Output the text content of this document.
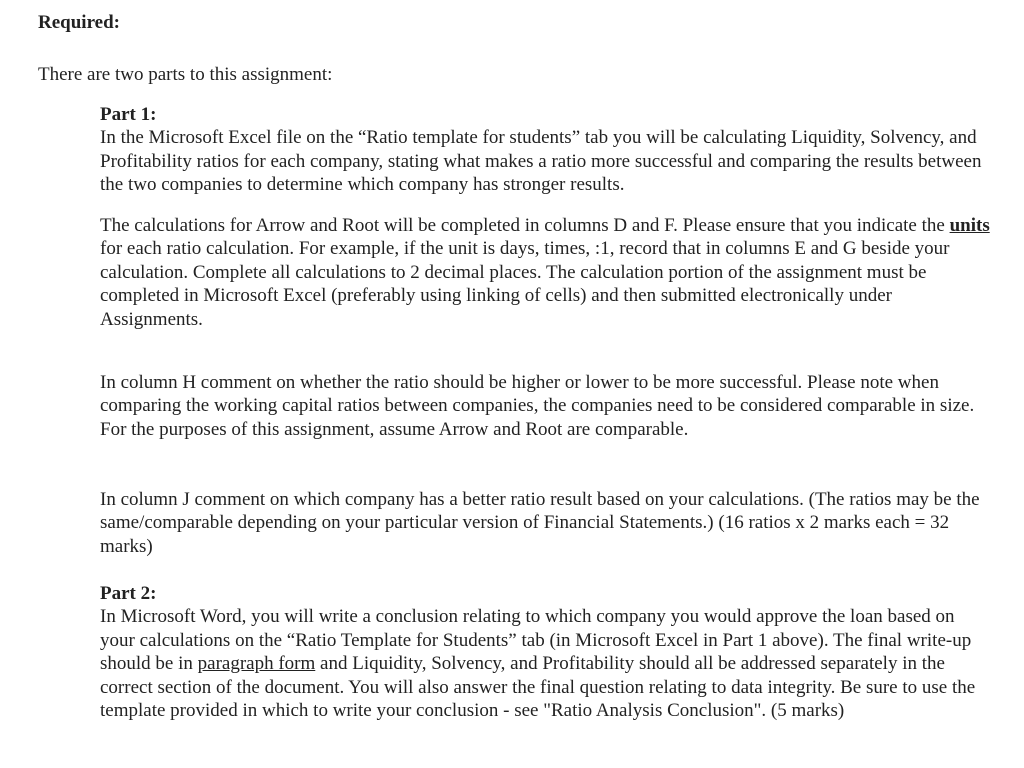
Required:

There are two parts to this assignment:

Part 1:
In the Microsoft Excel file on the “Ratio template for students” tab you will be calculating Liquidity, Solvency, and Profitability ratios for each company, stating what makes a ratio more successful and comparing the results between the two companies to determine which company has stronger results.

The calculations for Arrow and Root will be completed in columns D and F. Please ensure that you indicate the units for each ratio calculation. For example, if the unit is days, times, :1, record that in columns E and G beside your calculation. Complete all calculations to 2 decimal places. The calculation portion of the assignment must be completed in Microsoft Excel (preferably using linking of cells) and then submitted electronically under Assignments.

In column H comment on whether the ratio should be higher or lower to be more successful. Please note when comparing the working capital ratios between companies, the companies need to be considered comparable in size. For the purposes of this assignment, assume Arrow and Root are comparable.

In column J comment on which company has a better ratio result based on your calculations. (The ratios may be the same/comparable depending on your particular version of Financial Statements.) (16 ratios x 2 marks each = 32 marks)

Part 2:
In Microsoft Word, you will write a conclusion relating to which company you would approve the loan based on your calculations on the “Ratio Template for Students” tab (in Microsoft Excel in Part 1 above). The final write-up should be in paragraph form and Liquidity, Solvency, and Profitability should all be addressed separately in the correct section of the document. You will also answer the final question relating to data integrity. Be sure to use the template provided in which to write your conclusion - see "Ratio Analysis Conclusion". (5 marks)
